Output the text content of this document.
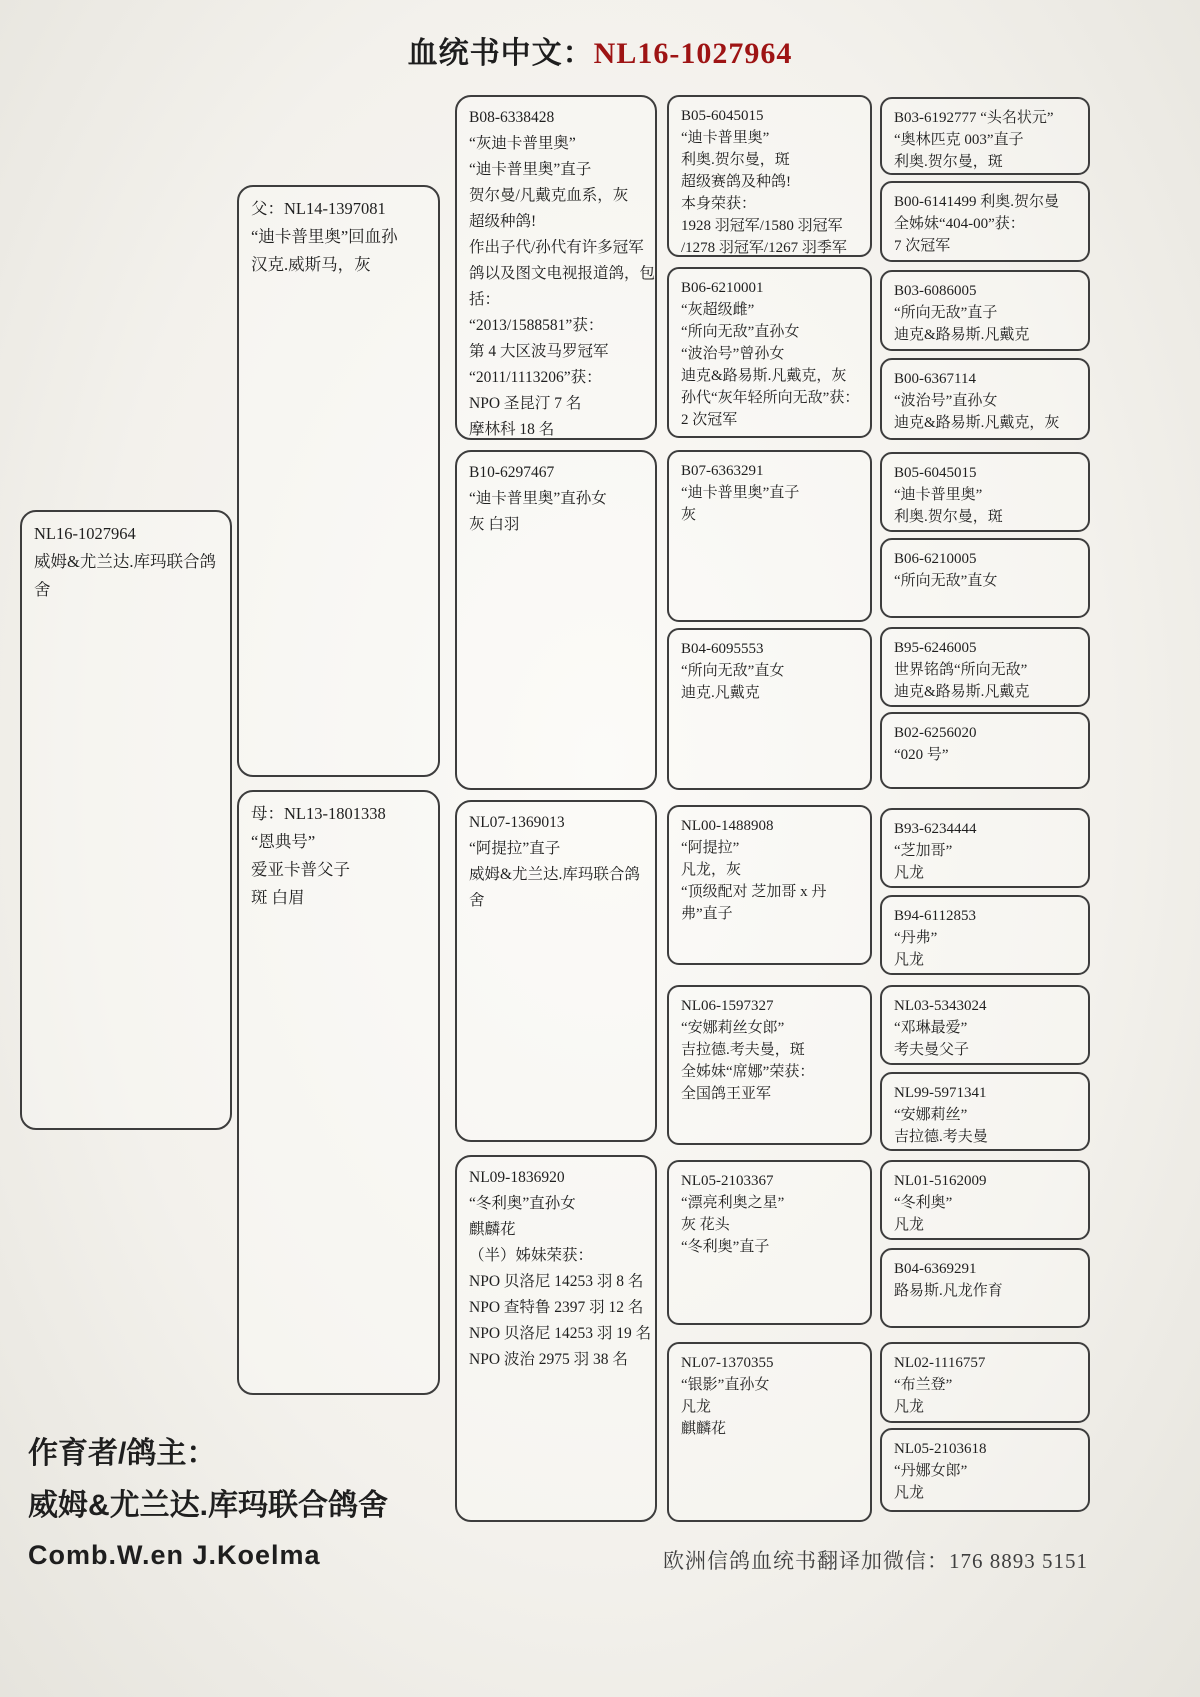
血统书中文：NL16-1027964
NL16-1027964
威姆&尤兰达.库玛联合鸽
舍
父：NL14-1397081
“迪卡普里奥”回血孙
汉克.威斯马，灰
母：NL13-1801338
“恩典号”
爱亚卡普父子
斑 白眉
B08-6338428
“灰迪卡普里奥”
“迪卡普里奥”直子
贺尔曼/凡戴克血系，灰
超级种鸽!
作出子代/孙代有许多冠军
鸽以及图文电视报道鸽，包
括：
“2013/1588581”获：
第 4 大区波马罗冠军
“2011/1113206”获：
NPO 圣昆汀 7 名
摩林科 18 名
B10-6297467
“迪卡普里奥”直孙女
灰 白羽
NL07-1369013
“阿提拉”直子
威姆&尤兰达.库玛联合鸽
舍
NL09-1836920
“冬利奥”直孙女
麒麟花
（半）姊妹荣获：
NPO 贝洛尼 14253 羽 8 名
NPO 查特鲁 2397 羽 12 名
NPO 贝洛尼 14253 羽 19 名
NPO 波治 2975 羽 38 名
B05-6045015
“迪卡普里奥”
利奥.贺尔曼，斑
超级赛鸽及种鸽!
本身荣获：
1928 羽冠军/1580 羽冠军
/1278 羽冠军/1267 羽季军
B06-6210001
“灰超级雌”
“所向无敌”直孙女
“波治号”曾孙女
迪克&路易斯.凡戴克，灰
孙代“灰年轻所向无敌”获：
2 次冠军
B07-6363291
“迪卡普里奥”直子
灰
B04-6095553
“所向无敌”直女
迪克.凡戴克
NL00-1488908
“阿提拉”
凡龙，灰
“顶级配对 芝加哥 x 丹
弗”直子
NL06-1597327
“安娜莉丝女郎”
吉拉德.考夫曼，斑
全姊妹“席娜”荣获：
全国鸽王亚军
NL05-2103367
“漂亮利奥之星”
灰 花头
“冬利奥”直子
NL07-1370355
“银影”直孙女
凡龙
麒麟花
B03-6192777 “头名状元”
“奥林匹克 003”直子
利奥.贺尔曼，斑
B00-6141499 利奥.贺尔曼
全姊妹“404-00”获：
7 次冠军
B03-6086005
“所向无敌”直子
迪克&路易斯.凡戴克
B00-6367114
“波治号”直孙女
迪克&路易斯.凡戴克，灰
B05-6045015
“迪卡普里奥”
利奥.贺尔曼，斑
B06-6210005
“所向无敌”直女
B95-6246005
世界铭鸽“所向无敌”
迪克&路易斯.凡戴克
B02-6256020
“020 号”
B93-6234444
“芝加哥”
凡龙
B94-6112853
“丹弗”
凡龙
NL03-5343024
“邓琳最爱”
考夫曼父子
NL99-5971341
“安娜莉丝”
吉拉德.考夫曼
NL01-5162009
“冬利奥”
凡龙
B04-6369291
路易斯.凡龙作育
NL02-1116757
“布兰登”
凡龙
NL05-2103618
“丹娜女郎”
凡龙
作育者/鸽主：
威姆&尤兰达.库玛联合鸽舍
Comb.W.en J.Koelma	欧洲信鸽血统书翻译加微信：176 8893 5151
